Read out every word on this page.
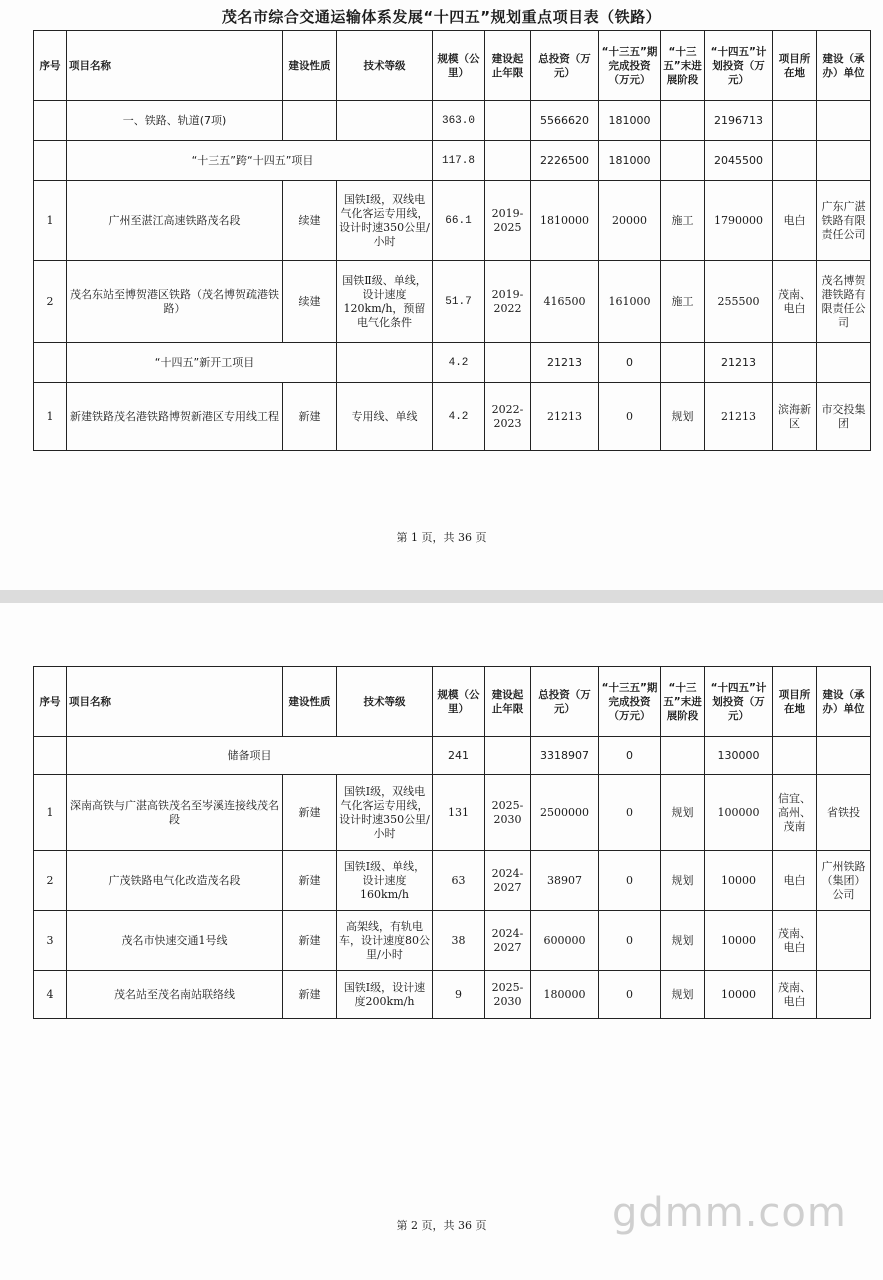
茂名市综合交通运输体系发展“十四五”规划重点项目表（铁路）
序号	项目名称	建设性质	技术等级	规模（公里）	建设起止年限	总投资（万元）	“十三五”期完成投资（万元）	“十三五”末进展阶段	“十四五”计划投资（万元）	项目所在地	建设（承办）单位
	一、铁路、轨道(7项)			363.0		5566620	181000		2196713		
	“十三五”跨“十四五”项目			117.8		2226500	181000		2045500		
1	广州至湛江高速铁路茂名段	续建	国铁Ⅰ级，双线电气化客运专用线，设计时速350公里/小时	66.1	2019-2025	1810000	20000	施工	1790000	电白	广东广湛铁路有限责任公司
2	茂名东站至博贺港区铁路（茂名博贺疏港铁路）	续建	国铁Ⅱ级、单线，设计速度120km/h，预留电气化条件	51.7	2019-2022	416500	161000	施工	255500	茂南、电白	茂名博贺港铁路有限责任公司
	“十四五”新开工项目			4.2		21213	0		21213		
1	新建铁路茂名港铁路博贺新港区专用线工程	新建	专用线、单线	4.2	2022-2023	21213	0	规划	21213	滨海新区	市交投集团
第 1 页，共 36 页
序号	项目名称	建设性质	技术等级	规模（公里）	建设起止年限	总投资（万元）	“十三五”期完成投资（万元）	“十三五”末进展阶段	“十四五”计划投资（万元）	项目所在地	建设（承办）单位
	储备项目			241		3318907	0		130000		
1	深南高铁与广湛高铁茂名至岑溪连接线茂名段	新建	国铁Ⅰ级，双线电气化客运专用线，设计时速350公里/小时	131	2025-2030	2500000	0	规划	100000	信宜、高州、茂南	省铁投
2	广茂铁路电气化改造茂名段	新建	国铁Ⅰ级、单线，设计速度160km/h	63	2024-2027	38907	0	规划	10000	电白	广州铁路（集团）公司
3	茂名市快速交通1号线	新建	高架线，有轨电车，设计速度80公里/小时	38	2024-2027	600000	0	规划	10000	茂南、电白	
4	茂名站至茂名南站联络线	新建	国铁Ⅰ级，设计速度200km/h	9	2025-2030	180000	0	规划	10000	茂南、电白	
第 2 页，共 36 页	gdmm.com
